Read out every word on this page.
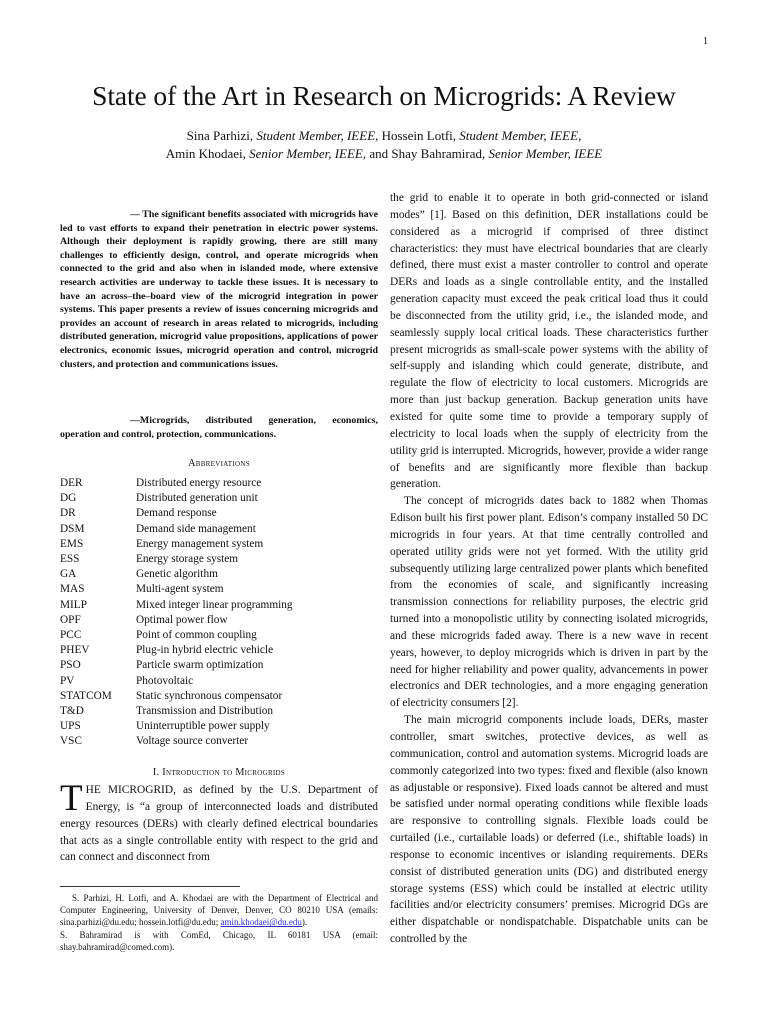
1
State of the Art in Research on Microgrids: A Review
Sina Parhizi, Student Member, IEEE, Hossein Lotfi, Student Member, IEEE,
Amin Khodaei, Senior Member, IEEE, and Shay Bahramirad, Senior Member, IEEE
— The significant benefits associated with microgrids have led to vast efforts to expand their penetration in electric power systems. Although their deployment is rapidly growing, there are still many challenges to efficiently design, control, and operate microgrids when connected to the grid and also when in islanded mode, where extensive research activities are underway to tackle these issues. It is necessary to have an across–the–board view of the microgrid integration in power systems. This paper presents a review of issues concerning microgrids and provides an account of research in areas related to microgrids, including distributed generation, microgrid value propositions, applications of power electronics, economic issues, microgrid operation and control, microgrid clusters, and protection and communications issues.
—Microgrids, distributed generation, economics, operation and control, protection, communications.
Abbreviations
DER	Distributed energy resource
DG	Distributed generation unit
DR	Demand response
DSM	Demand side management
EMS	Energy management system
ESS	Energy storage system
GA	Genetic algorithm
MAS	Multi-agent system
MILP	Mixed integer linear programming
OPF	Optimal power flow
PCC	Point of common coupling
PHEV	Plug-in hybrid electric vehicle
PSO	Particle swarm optimization
PV	Photovoltaic
STATCOM	Static synchronous compensator
T&D	Transmission and Distribution
UPS	Uninterruptible power supply
VSC	Voltage source converter
I. Introduction to Microgrids
THE MICROGRID, as defined by the U.S. Department of Energy, is “a group of interconnected loads and distributed energy resources (DERs) with clearly defined electrical boundaries that acts as a single controllable entity with respect to the grid and can connect and disconnect from
S. Parhizi, H. Lotfi, and A. Khodaei are with the Department of Electrical and Computer Engineering, University of Denver, Denver, CO 80210 USA (emails: sina.parhizi@du.edu; hossein.lotfi@du.edu; amin.khodaei@du.edu).
S. Bahramirad is with ComEd, Chicago, IL 60181 USA (email: shay.bahramirad@comed.com).
the grid to enable it to operate in both grid-connected or island modes” [1]. Based on this definition, DER installations could be considered as a microgrid if comprised of three distinct characteristics: they must have electrical boundaries that are clearly defined, there must exist a master controller to control and operate DERs and loads as a single controllable entity, and the installed generation capacity must exceed the peak critical load thus it could be disconnected from the utility grid, i.e., the islanded mode, and seamlessly supply local critical loads. These characteristics further present microgrids as small-scale power systems with the ability of self-supply and islanding which could generate, distribute, and regulate the flow of electricity to local customers. Microgrids are more than just backup generation. Backup generation units have existed for quite some time to provide a temporary supply of electricity to local loads when the supply of electricity from the utility grid is interrupted. Microgrids, however, provide a wider range of benefits and are significantly more flexible than backup generation.
The concept of microgrids dates back to 1882 when Thomas Edison built his first power plant. Edison’s company installed 50 DC microgrids in four years. At that time centrally controlled and operated utility grids were not yet formed. With the utility grid subsequently utilizing large centralized power plants which benefited from the economies of scale, and significantly increasing transmission connections for reliability purposes, the electric grid turned into a monopolistic utility by connecting isolated microgrids, and these microgrids faded away. There is a new wave in recent years, however, to deploy microgrids which is driven in part by the need for higher reliability and power quality, advancements in power electronics and DER technologies, and a more engaging generation of electricity consumers [2].
The main microgrid components include loads, DERs, master controller, smart switches, protective devices, as well as communication, control and automation systems. Microgrid loads are commonly categorized into two types: fixed and flexible (also known as adjustable or responsive). Fixed loads cannot be altered and must be satisfied under normal operating conditions while flexible loads are responsive to controlling signals. Flexible loads could be curtailed (i.e., curtailable loads) or deferred (i.e., shiftable loads) in response to economic incentives or islanding requirements. DERs consist of distributed generation units (DG) and distributed energy storage systems (ESS) which could be installed at electric utility facilities and/or electricity consumers’ premises. Microgrid DGs are either dispatchable or nondispatchable. Dispatchable units can be controlled by the
